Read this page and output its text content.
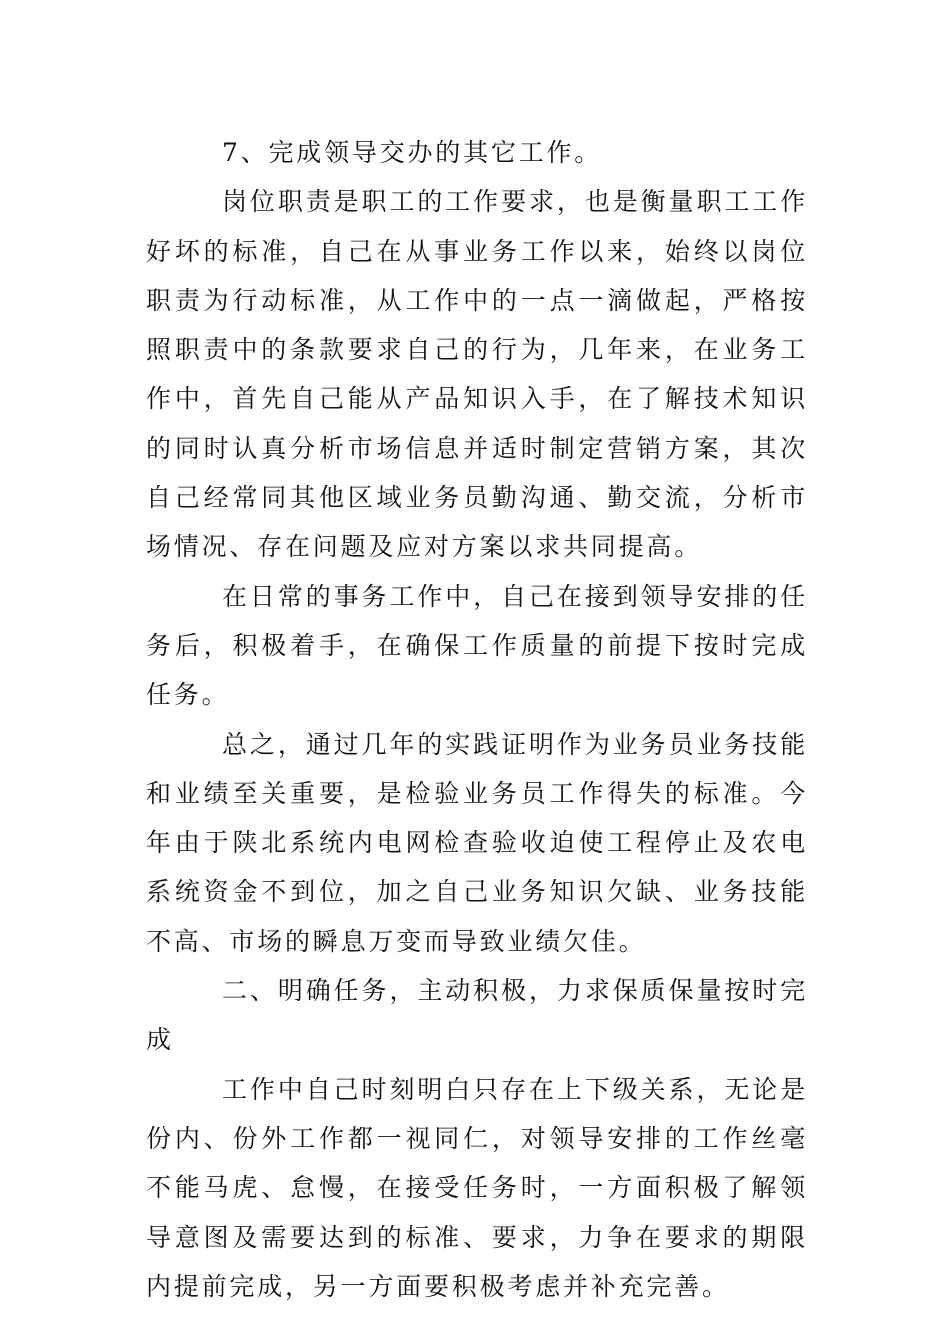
7、完成领导交办的其它工作。

岗位职责是职工的工作要求，也是衡量职工工作好坏的标准，自己在从事业务工作以来，始终以岗位职责为行动标准，从工作中的一点一滴做起，严格按照职责中的条款要求自己的行为，几年来，在业务工作中，首先自己能从产品知识入手，在了解技术知识的同时认真分析市场信息并适时制定营销方案，其次自己经常同其他区域业务员勤沟通、勤交流，分析市场情况、存在问题及应对方案以求共同提高。

在日常的事务工作中，自己在接到领导安排的任务后，积极着手，在确保工作质量的前提下按时完成任务。

总之，通过几年的实践证明作为业务员业务技能和业绩至关重要，是检验业务员工作得失的标准。今年由于陕北系统内电网检查验收迫使工程停止及农电系统资金不到位，加之自己业务知识欠缺、业务技能不高、市场的瞬息万变而导致业绩欠佳。

二、明确任务，主动积极，力求保质保量按时完成

工作中自己时刻明白只存在上下级关系，无论是份内、份外工作都一视同仁，对领导安排的工作丝毫不能马虎、怠慢，在接受任务时，一方面积极了解领导意图及需要达到的标准、要求，力争在要求的期限内提前完成，另一方面要积极考虑并补充完善。
